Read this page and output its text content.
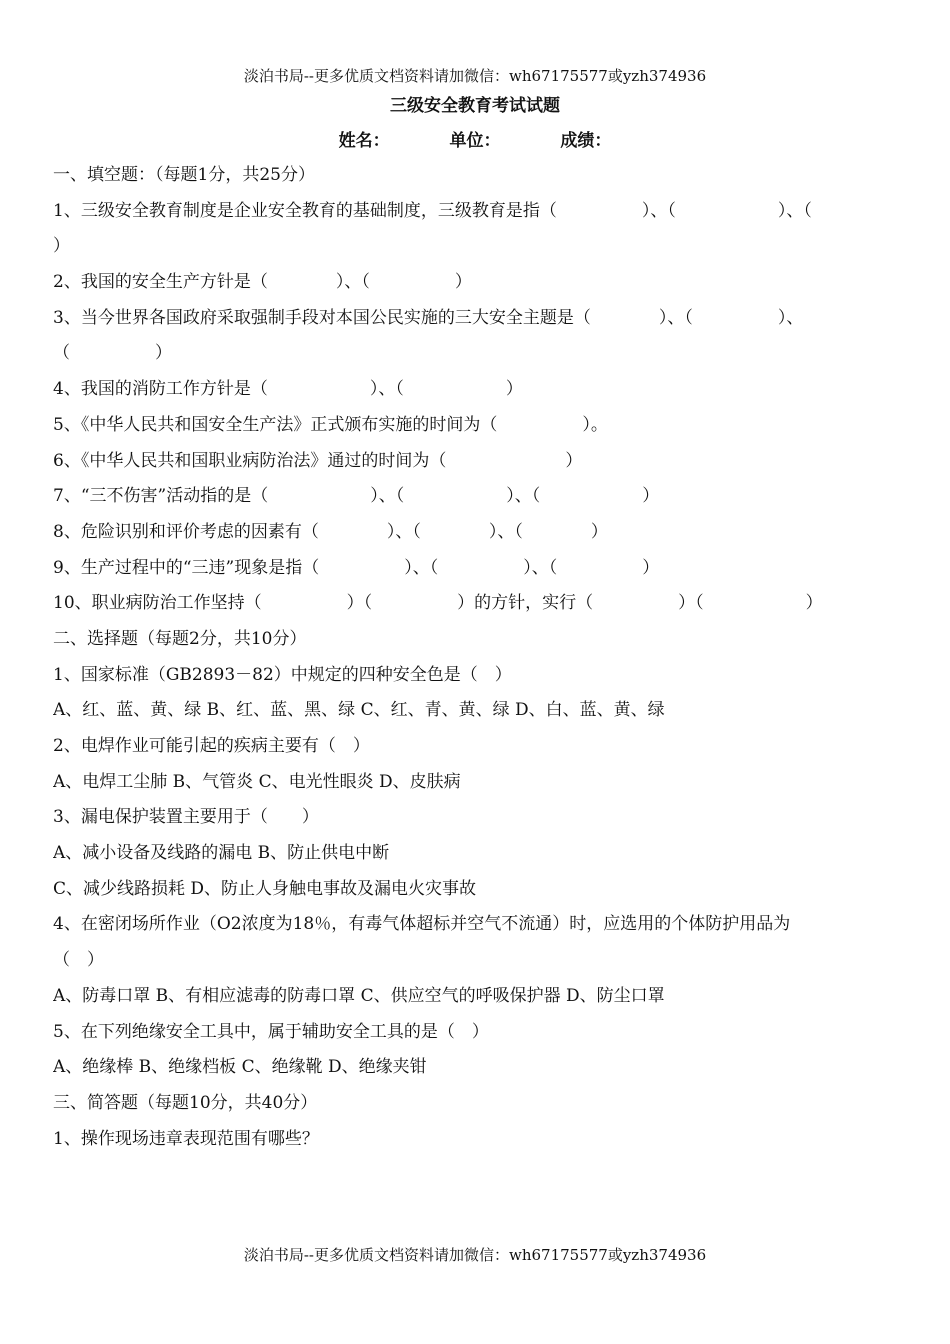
淡泊书局--更多优质文档资料请加微信：wh67175577或yzh374936
三级安全教育考试试题
姓名：	单位：	成绩：
一、填空题：（每题1分，共25分）
1、三级安全教育制度是企业安全教育的基础制度，三级教育是指（　　　　　）、（　　　　　　）、（
）
2、我国的安全生产方针是（　　　　）、（　　　　　）
3、当今世界各国政府采取强制手段对本国公民实施的三大安全主题是（　　　　）、（　　　　　）、
（　　　　　）
4、我国的消防工作方针是（　　　　　　）、（　　　　　　）
5、《中华人民共和国安全生产法》正式颁布实施的时间为（　　　　　）。
6、《中华人民共和国职业病防治法》通过的时间为（　　　　　　　）
7、“三不伤害”活动指的是（　　　　　　）、（　　　　　　）、（　　　　　　）
8、危险识别和评价考虑的因素有（　　　　）、（　　　　）、（　　　　）
9、生产过程中的“三违”现象是指（　　　　　）、（　　　　　）、（　　　　　）
10、职业病防治工作坚持（　　　　　）（　　　　　）的方针，实行（　　　　　）（　　　　　　）
二、选择题（每题2分，共10分）
1、国家标准（GB2893－82）中规定的四种安全色是（　）
A、红、蓝、黄、绿 B、红、蓝、黑、绿 C、红、青、黄、绿 D、白、蓝、黄、绿
2、电焊作业可能引起的疾病主要有（　）
A、电焊工尘肺 B、气管炎 C、电光性眼炎 D、皮肤病
3、漏电保护装置主要用于（　　）
A、减小设备及线路的漏电 B、防止供电中断
C、减少线路损耗 D、防止人身触电事故及漏电火灾事故
4、在密闭场所作业（O2浓度为18％，有毒气体超标并空气不流通）时，应选用的个体防护用品为
（　）
A、防毒口罩 B、有相应滤毒的防毒口罩 C、供应空气的呼吸保护器 D、防尘口罩
5、在下列绝缘安全工具中，属于辅助安全工具的是（　）
A、绝缘棒 B、绝缘档板 C、绝缘靴 D、绝缘夹钳
三、简答题（每题10分，共40分）
1、操作现场违章表现范围有哪些？
淡泊书局--更多优质文档资料请加微信：wh67175577或yzh374936
